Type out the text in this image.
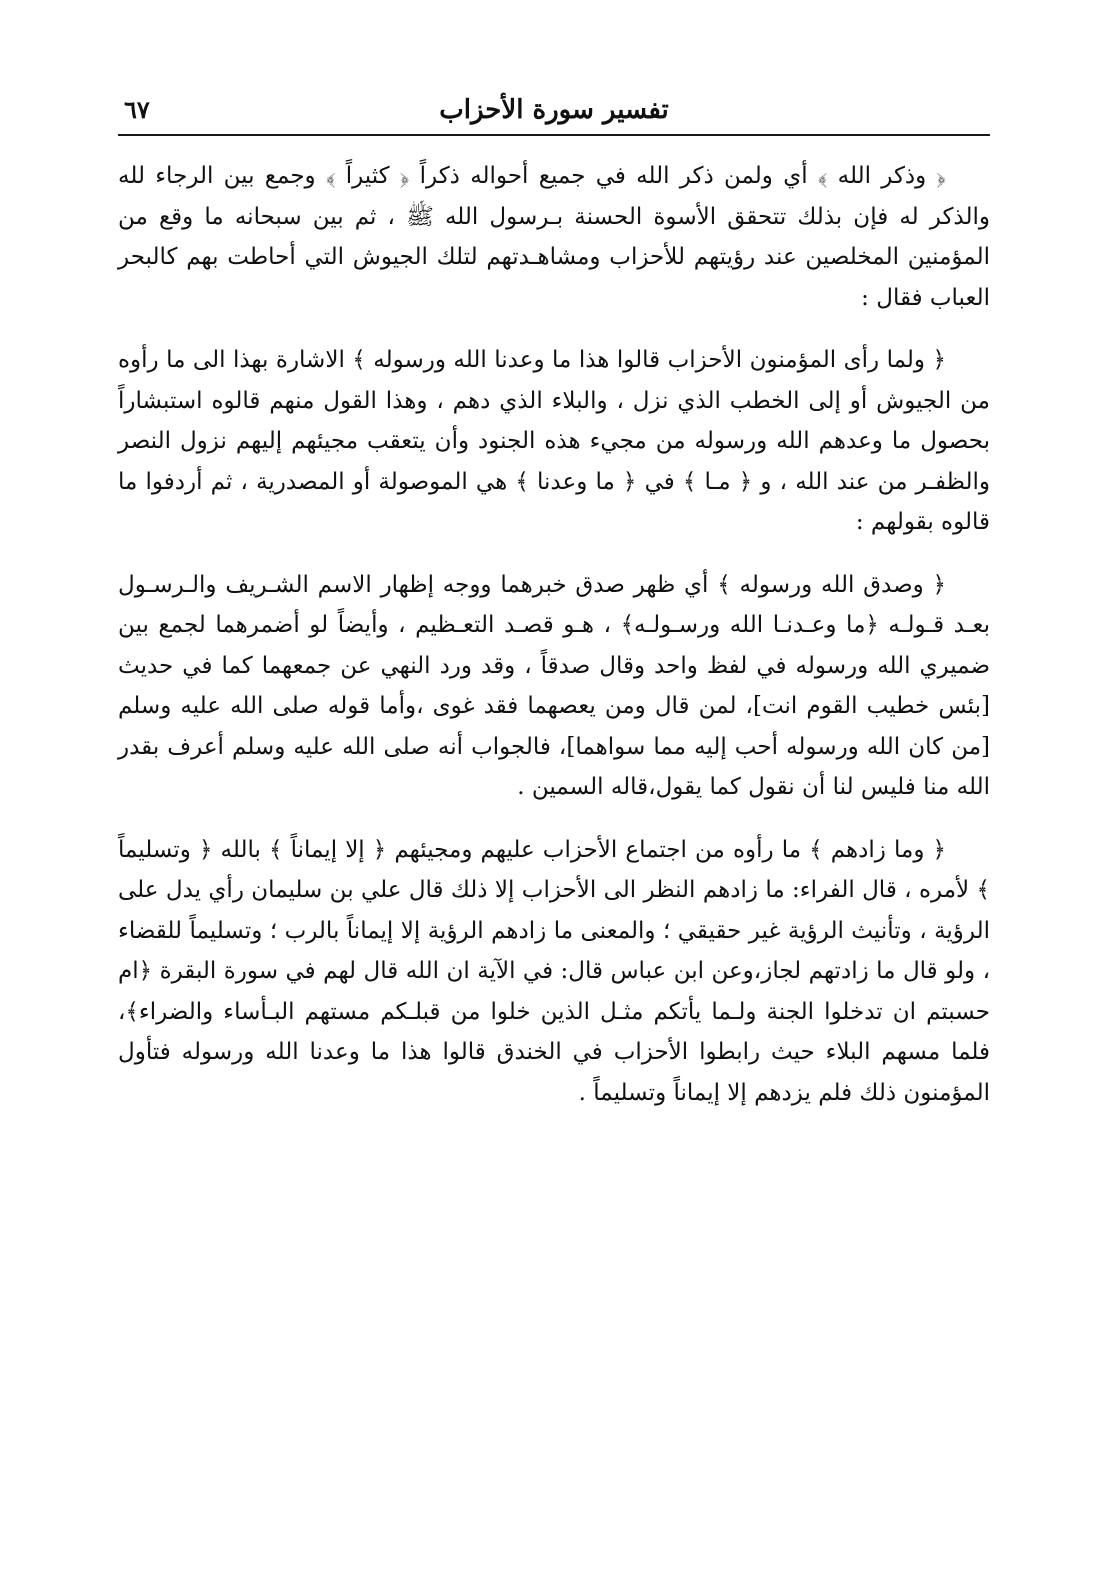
تفسير سورة الأحزاب
٦٧

﴿ وذكر الله ﴾ أي ولمن ذكر الله في جميع أحواله ذكراً ﴿ كثيراً ﴾ وجمع بين الرجاء لله والذكر له فإن بذلك تتحقق الأسوة الحسنة بـرسول الله ﷺ ، ثم بين سبحانه ما وقع من المؤمنين المخلصين عند رؤيتهم للأحزاب ومشاهـدتهم لتلك الجيوش التي أحاطت بهم كالبحر العباب فقال :

﴿ ولما رأى المؤمنون الأحزاب قالوا هذا ما وعدنا الله ورسوله ﴾ الاشارة بهذا الى ما رأوه من الجيوش أو إلى الخطب الذي نزل ، والبلاء الذي دهم ، وهذا القول منهم قالوه استبشاراً بحصول ما وعدهم الله ورسوله من مجيء هذه الجنود وأن يتعقب مجيئهم إليهم نزول النصر والظفـر من عند الله ، و ﴿ مـا ﴾ في ﴿ ما وعدنا ﴾ هي الموصولة أو المصدرية ، ثم أردفوا ما قالوه بقولهم :

﴿ وصدق الله ورسوله ﴾ أي ظهر صدق خبرهما ووجه إظهار الاسم الشـريف والـرسـول بعـد قـولـه ﴿ما وعـدنـا الله ورسـولـه﴾ ، هـو قصـد التعـظيم ، وأيضاً لو أضمرهما لجمع بين ضميري الله ورسوله في لفظ واحد وقال صدقاً ، وقد ورد النهي عن جمعهما كما في حديث [بئس خطيب القوم انت]، لمن قال ومن يعصهما فقد غوى ،وأما قوله صلى الله عليه وسلم [من كان الله ورسوله أحب إليه مما سواهما]، فالجواب أنه صلى الله عليه وسلم أعرف بقدر الله منا فليس لنا أن نقول كما يقول،قاله السمين .

﴿ وما زادهم ﴾ ما رأوه من اجتماع الأحزاب عليهم ومجيئهم ﴿ إلا إيماناً ﴾ بالله ﴿ وتسليماً ﴾ لأمره ، قال الفراء: ما زادهم النظر الى الأحزاب إلا ذلك قال علي بن سليمان رأي يدل على الرؤية ، وتأنيث الرؤية غير حقيقي ؛ والمعنى ما زادهم الرؤية إلا إيماناً بالرب ؛ وتسليماً للقضاء ، ولو قال ما زادتهم لجاز،وعن ابن عباس قال: في الآية ان الله قال لهم في سورة البقرة ﴿ام حسبتم ان تدخلوا الجنة ولـما يأتكم مثـل الذين خلوا من قبلـكم مستهم البـأساء والضراء﴾، فلما مسهم البلاء حيث رابطوا الأحزاب في الخندق قالوا هذا ما وعدنا الله ورسوله فتأول المؤمنون ذلك فلم يزدهم إلا إيماناً وتسليماً .
